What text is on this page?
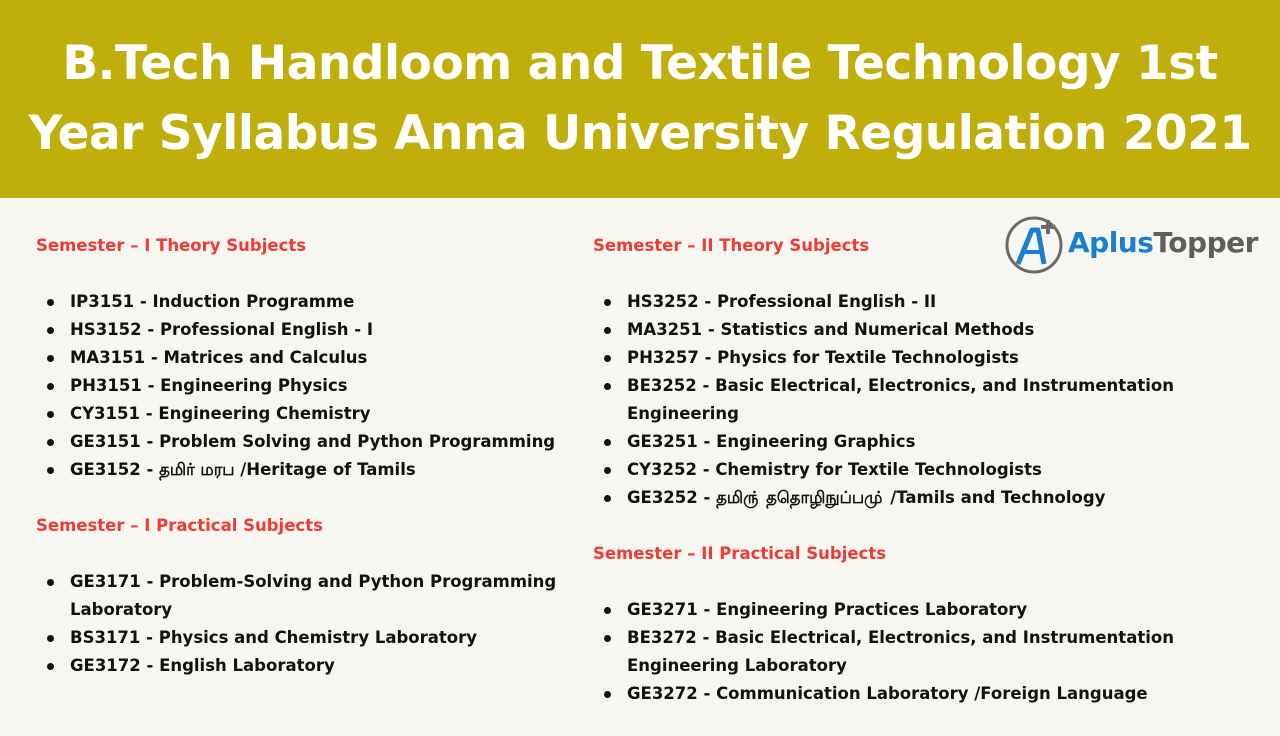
B.Tech Handloom and Textile Technology 1st
Year Syllabus Anna University Regulation 2021
AplusTopper
Semester – I Theory Subjects
IP3151 - Induction Programme
HS3152 - Professional English - I
MA3151 - Matrices and Calculus
PH3151 - Engineering Physics
CY3151 - Engineering Chemistry
GE3151 - Problem Solving and Python Programming
GE3152 - தமிர் மரப /Heritage of Tamils
Semester – I Practical Subjects
GE3171 - Problem-Solving and Python Programming Laboratory
BS3171 - Physics and Chemistry Laboratory
GE3172 - English Laboratory
Semester – II Theory Subjects
HS3252 - Professional English - II
MA3251 - Statistics and Numerical Methods
PH3257 - Physics for Textile Technologists
BE3252 - Basic Electrical, Electronics, and Instrumentation Engineering
GE3251 - Engineering Graphics
CY3252 - Chemistry for Textile Technologists
GE3252 - தமிரு் ததொழிநுப்பமு் /Tamils and Technology
Semester – II Practical Subjects
GE3271 - Engineering Practices Laboratory
BE3272 - Basic Electrical, Electronics, and Instrumentation Engineering Laboratory
GE3272 - Communication Laboratory /Foreign Language
